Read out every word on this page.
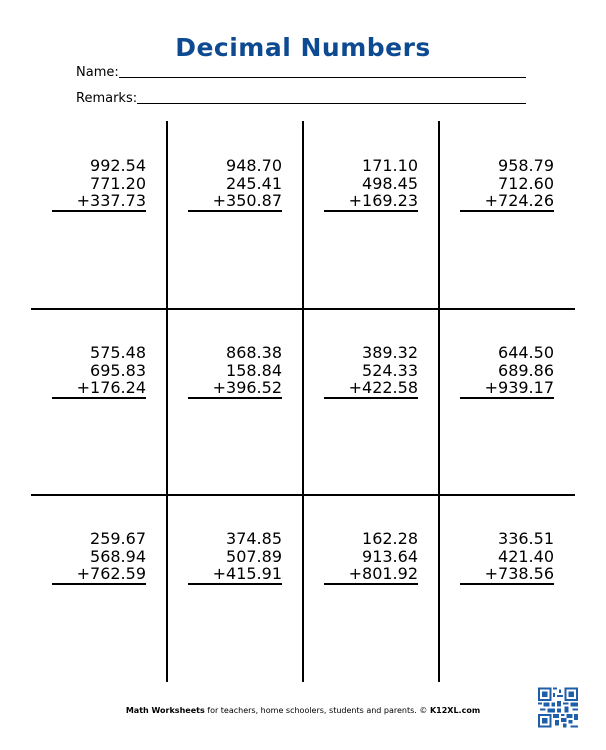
Decimal Numbers
Name:
Remarks:
992.54
771.20
+337.73
948.70
245.41
+350.87
171.10
498.45
+169.23
958.79
712.60
+724.26
575.48
695.83
+176.24
868.38
158.84
+396.52
389.32
524.33
+422.58
644.50
689.86
+939.17
259.67
568.94
+762.59
374.85
507.89
+415.91
162.28
913.64
+801.92
336.51
421.40
+738.56
Math Worksheets for teachers, home schoolers, students and parents. © K12XL.com
